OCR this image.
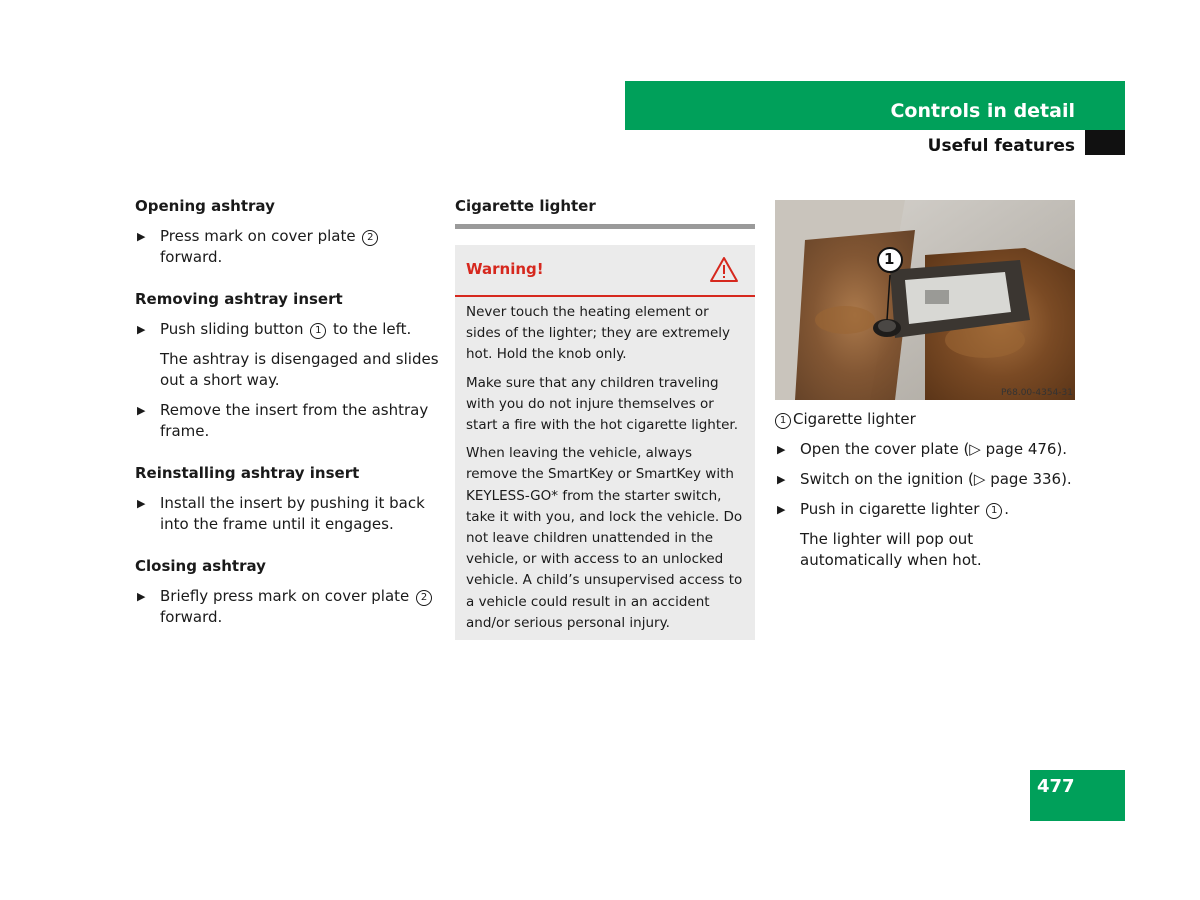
Controls in detail
Useful features
Opening ashtray
▶ Press mark on cover plate 2 forward.
Removing ashtray insert
▶ Push sliding button 1 to the left.
The ashtray is disengaged and slides out a short way.
▶ Remove the insert from the ashtray frame.
Reinstalling ashtray insert
▶ Install the insert by pushing it back into the frame until it engages.
Closing ashtray
▶ Briefly press mark on cover plate 2 forward.
Cigarette lighter
Warning!

Never touch the heating element or sides of the lighter; they are extremely hot. Hold the knob only.

Make sure that any children traveling with you do not injure themselves or start a fire with the hot cigarette lighter.

When leaving the vehicle, always remove the SmartKey or SmartKey with KEYLESS-GO* from the starter switch, take it with you, and lock the vehicle. Do not leave children unattended in the vehicle, or with access to an unlocked vehicle. A child’s unsupervised access to a vehicle could result in an accident and/or serious personal injury.

1
P68.00-4354-31
1 Cigarette lighter
▶ Open the cover plate (▷ page 476).
▶ Switch on the ignition (▷ page 336).
▶ Push in cigarette lighter 1 .
The lighter will pop out automatically when hot.
477
